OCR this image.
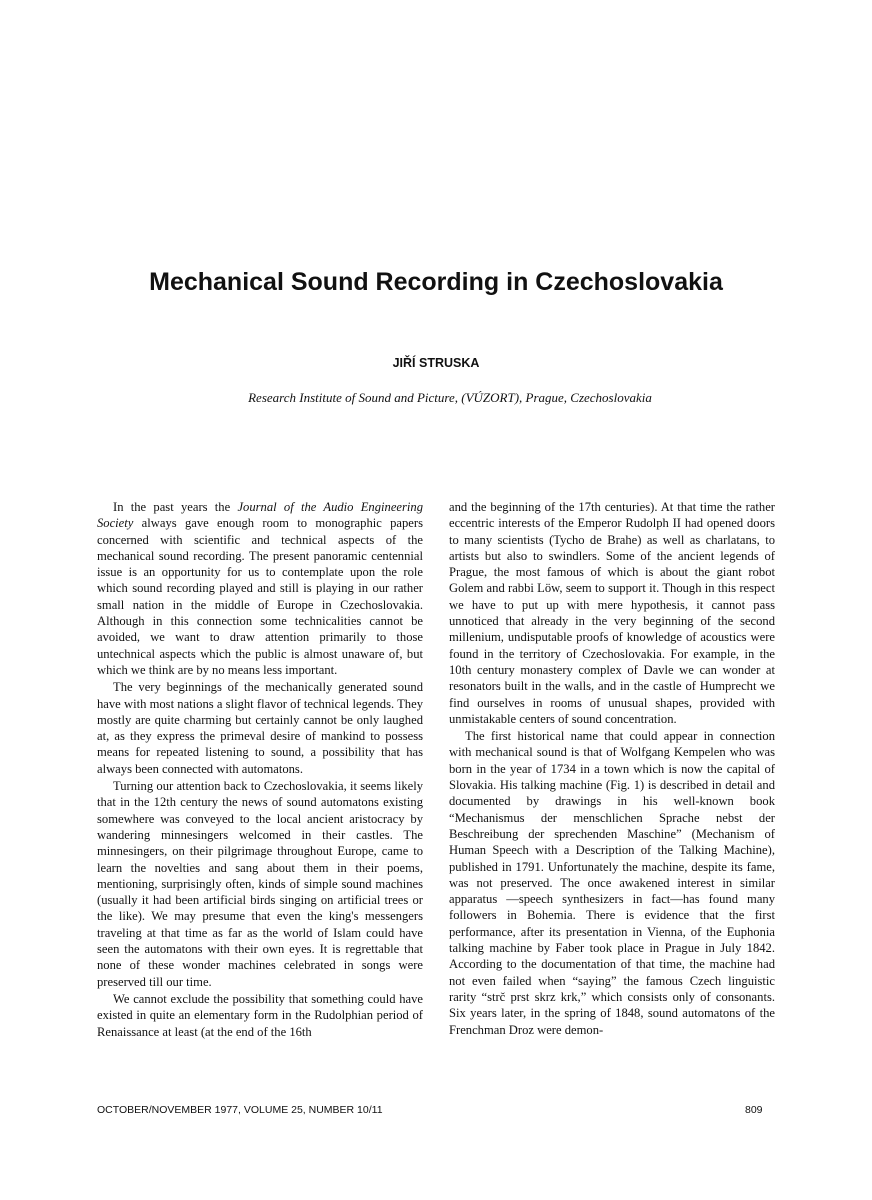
Mechanical Sound Recording in Czechoslovakia
JIŘÍ STRUSKA
Research Institute of Sound and Picture, (VÚZORT), Prague, Czechoslovakia

In the past years the Journal of the Audio Engineering Society always gave enough room to monographic papers concerned with scientific and technical aspects of the mechanical sound recording. The present panoramic centennial issue is an opportunity for us to contemplate upon the role which sound recording played and still is playing in our rather small nation in the middle of Europe in Czechoslovakia. Although in this connection some technicalities cannot be avoided, we want to draw attention primarily to those untechnical aspects which the public is almost unaware of, but which we think are by no means less important.

The very beginnings of the mechanically generated sound have with most nations a slight flavor of technical legends. They mostly are quite charming but certainly cannot be only laughed at, as they express the primeval desire of mankind to possess means for repeated listening to sound, a possibility that has always been connected with automatons.

Turning our attention back to Czechoslovakia, it seems likely that in the 12th century the news of sound automatons existing somewhere was conveyed to the local ancient aristocracy by wandering minnesingers welcomed in their castles. The minnesingers, on their pilgrimage throughout Europe, came to learn the novelties and sang about them in their poems, mentioning, surprisingly often, kinds of simple sound machines (usually it had been artificial birds singing on artificial trees or the like). We may presume that even the king's messengers traveling at that time as far as the world of Islam could have seen the automatons with their own eyes. It is regrettable that none of these wonder machines celebrated in songs were preserved till our time.

We cannot exclude the possibility that something could have existed in quite an elementary form in the Rudolphian period of Renaissance at least (at the end of the 16th

and the beginning of the 17th centuries). At that time the rather eccentric interests of the Emperor Rudolph II had opened doors to many scientists (Tycho de Brahe) as well as charlatans, to artists but also to swindlers. Some of the ancient legends of Prague, the most famous of which is about the giant robot Golem and rabbi Löw, seem to support it. Though in this respect we have to put up with mere hypothesis, it cannot pass unnoticed that already in the very beginning of the second millenium, undisputable proofs of knowledge of acoustics were found in the territory of Czechoslovakia. For example, in the 10th century monastery complex of Davle we can wonder at resonators built in the walls, and in the castle of Humprecht we find ourselves in rooms of unusual shapes, provided with unmistakable centers of sound concentration.

The first historical name that could appear in connection with mechanical sound is that of Wolfgang Kempelen who was born in the year of 1734 in a town which is now the capital of Slovakia. His talking machine (Fig. 1) is described in detail and documented by drawings in his well-known book “Mechanismus der menschlichen Sprache nebst der Beschreibung der sprechenden Maschine” (Mechanism of Human Speech with a Description of the Talking Machine), published in 1791. Unfortunately the machine, despite its fame, was not preserved. The once awakened interest in similar apparatus —speech synthesizers in fact—has found many followers in Bohemia. There is evidence that the first performance, after its presentation in Vienna, of the Euphonia talking machine by Faber took place in Prague in July 1842. According to the documentation of that time, the machine had not even failed when “saying” the famous Czech linguistic rarity “strč prst skrz krk,” which consists only of consonants. Six years later, in the spring of 1848, sound automatons of the Frenchman Droz were demon-

OCTOBER/NOVEMBER 1977, VOLUME 25, NUMBER 10/11	809
